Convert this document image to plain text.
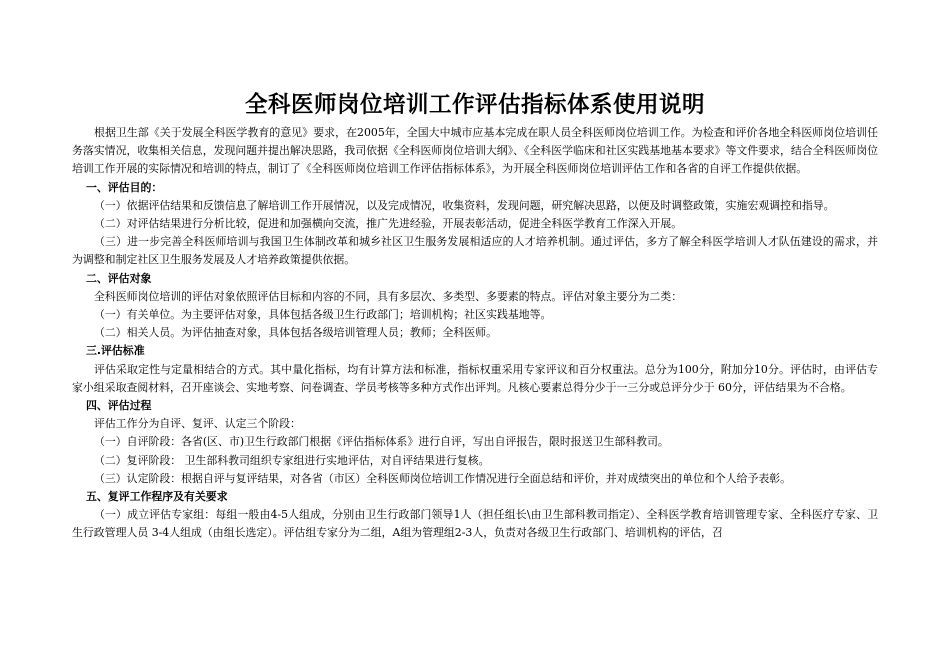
全科医师岗位培训工作评估指标体系使用说明

根据卫生部《关于发展全科医学教育的意见》要求，在2005年，全国大中城市应基本完成在职人员全科医师岗位培训工作。为检查和评价各地全科医师岗位培训任务落实情况，收集相关信息，发现问题并提出解决思路，我司依据《全科医师岗位培训大纲》、《全科医学临床和社区实践基地基本要求》等文件要求，结合全科医师岗位培训工作开展的实际情况和培训的特点，制订了《全科医师岗位培训工作评估指标体系》，为开展全科医师岗位培训评估工作和各省的自评工作提供依据。

一、评估目的：

（一）依据评估结果和反馈信息了解培训工作开展情况，以及完成情况，收集资料，发现问题，研究解决思路，以便及时调整政策，实施宏观调控和指导。

（二）对评估结果进行分析比较，促进和加强横向交流，推广先进经验，开展表彰活动，促进全科医学教育工作深入开展。

（三）进一步完善全科医师培训与我国卫生体制改革和城乡社区卫生服务发展相适应的人才培养机制。通过评估，多方了解全科医学培训人才队伍建设的需求，并为调整和制定社区卫生服务发展及人才培养政策提供依据。

二、评估对象

全科医师岗位培训的评估对象依照评估目标和内容的不同，具有多层次、多类型、多要素的特点。评估对象主要分为二类：

（一）有关单位。为主要评估对象，具体包括各级卫生行政部门；培训机构；社区实践基地等。

（二）相关人员。为评估抽查对象，具体包括各级培训管理人员；教师；全科医师。

三.评估标准

评估采取定性与定量相结合的方式。其中量化指标，均有计算方法和标准，指标权重采用专家评议和百分权重法。总分为100分，附加分10分。评估时，由评估专家小组采取查阅材料，召开座谈会、实地考察、问卷调查、学员考核等多种方式作出评判。凡核心要素总得分少于一三分或总评分少于 60分，评估结果为不合格。

四、评估过程

评估工作分为自评、复评、认定三个阶段：

（一）自评阶段：各省(区、市)卫生行政部门根据《评估指标体系》进行自评，写出自评报告，限时报送卫生部科教司。

（二）复评阶段： 卫生部科教司组织专家组进行实地评估，对自评结果进行复核。

（三）认定阶段：根据自评与复评结果，对各省（市区）全科医师岗位培训工作情况进行全面总结和评价，并对成绩突出的单位和个人给予表彰。

五、复评工作程序及有关要求

（一）成立评估专家组：每组一般由4-5人组成，分别由卫生行政部门领导1人（担任组长\由卫生部科教司指定）、全科医学教育培训管理专家、全科医疗专家、卫生行政管理人员 3-4人组成（由组长选定）。评估组专家分为二组，A组为管理组2-3人，负责对各级卫生行政部门、培训机构的评估，召
